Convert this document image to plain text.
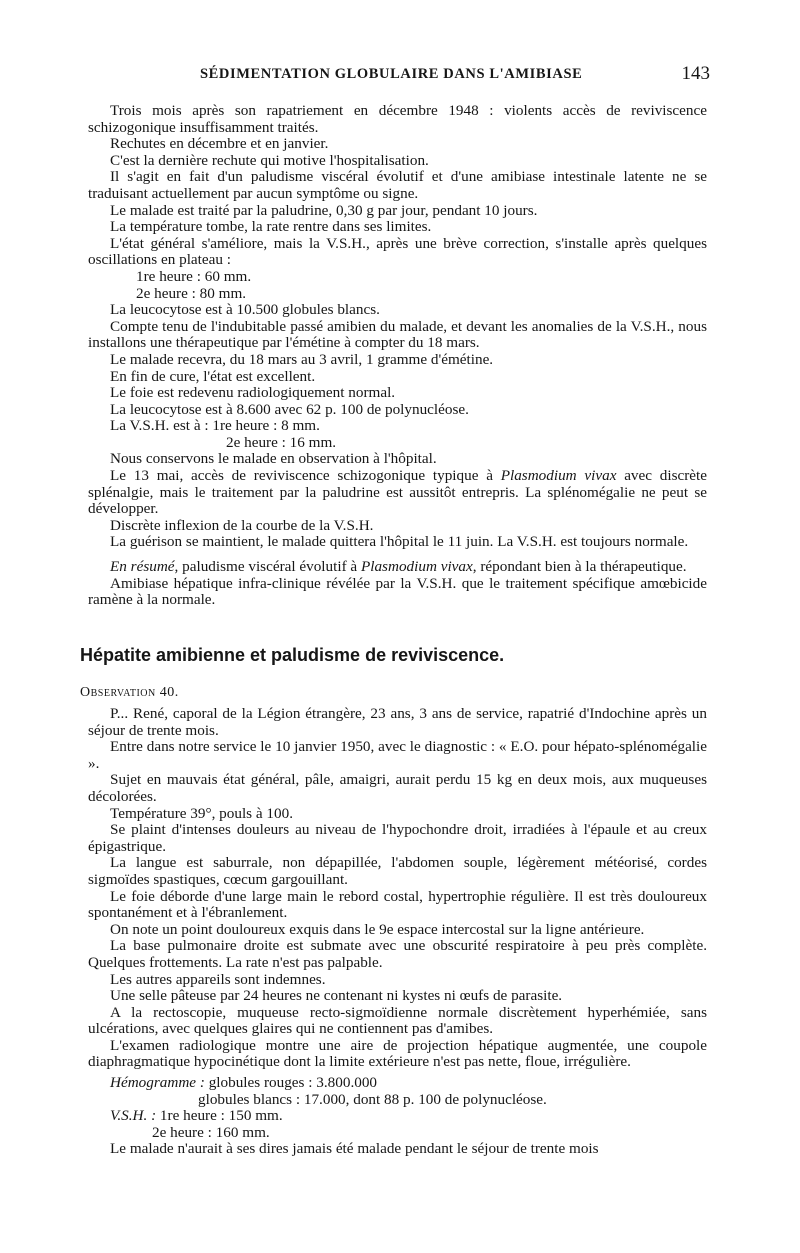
SÉDIMENTATION GLOBULAIRE DANS L'AMIBIASE	143

Trois mois après son rapatriement en décembre 1948 : violents accès de reviviscence schizogonique insuffisamment traités.

Rechutes en décembre et en janvier.

C'est la dernière rechute qui motive l'hospitalisation.

Il s'agit en fait d'un paludisme viscéral évolutif et d'une amibiase intestinale latente ne se traduisant actuellement par aucun symptôme ou signe.

Le malade est traité par la paludrine, 0,30 g par jour, pendant 10 jours.

La température tombe, la rate rentre dans ses limites.

L'état général s'améliore, mais la V.S.H., après une brève correction, s'installe après quelques oscillations en plateau :

1re heure : 60 mm.

2e heure : 80 mm.

La leucocytose est à 10.500 globules blancs.

Compte tenu de l'indubitable passé amibien du malade, et devant les anomalies de la V.S.H., nous installons une thérapeutique par l'émétine à compter du 18 mars.

Le malade recevra, du 18 mars au 3 avril, 1 gramme d'émétine.

En fin de cure, l'état est excellent.

Le foie est redevenu radiologiquement normal.

La leucocytose est à 8.600 avec 62 p. 100 de polynucléose.

La V.S.H. est à : 1re heure : 8 mm.

2e heure : 16 mm.

Nous conservons le malade en observation à l'hôpital.

Le 13 mai, accès de reviviscence schizogonique typique à Plasmodium vivax avec discrète splénalgie, mais le traitement par la paludrine est aussitôt entrepris. La splénomégalie ne peut se développer.

Discrète inflexion de la courbe de la V.S.H.

La guérison se maintient, le malade quittera l'hôpital le 11 juin. La V.S.H. est toujours normale.

En résumé, paludisme viscéral évolutif à Plasmodium vivax, répondant bien à la thérapeutique.

Amibiase hépatique infra-clinique révélée par la V.S.H. que le traitement spécifique amœbicide ramène à la normale.

Hépatite amibienne et paludisme de reviviscence.
Observation 40.

P... René, caporal de la Légion étrangère, 23 ans, 3 ans de service, rapatrié d'Indochine après un séjour de trente mois.

Entre dans notre service le 10 janvier 1950, avec le diagnostic : « E.O. pour hépato-splénomégalie ».

Sujet en mauvais état général, pâle, amaigri, aurait perdu 15 kg en deux mois, aux muqueuses décolorées.

Température 39°, pouls à 100.

Se plaint d'intenses douleurs au niveau de l'hypochondre droit, irradiées à l'épaule et au creux épigastrique.

La langue est saburrale, non dépapillée, l'abdomen souple, légèrement météorisé, cordes sigmoïdes spastiques, cœcum gargouillant.

Le foie déborde d'une large main le rebord costal, hypertrophie régulière. Il est très douloureux spontanément et à l'ébranlement.

On note un point douloureux exquis dans le 9e espace intercostal sur la ligne antérieure.

La base pulmonaire droite est submate avec une obscurité respiratoire à peu près complète. Quelques frottements. La rate n'est pas palpable.

Les autres appareils sont indemnes.

Une selle pâteuse par 24 heures ne contenant ni kystes ni œufs de parasite.

A la rectoscopie, muqueuse recto-sigmoïdienne normale discrètement hyperhémiée, sans ulcérations, avec quelques glaires qui ne contiennent pas d'amibes.

L'examen radiologique montre une aire de projection hépatique augmentée, une coupole diaphragmatique hypocinétique dont la limite extérieure n'est pas nette, floue, irrégulière.

Hémogramme : globules rouges : 3.800.000

globules blancs : 17.000, dont 88 p. 100 de polynucléose.

V.S.H. : 1re heure : 150 mm.

2e heure : 160 mm.

Le malade n'aurait à ses dires jamais été malade pendant le séjour de trente mois
